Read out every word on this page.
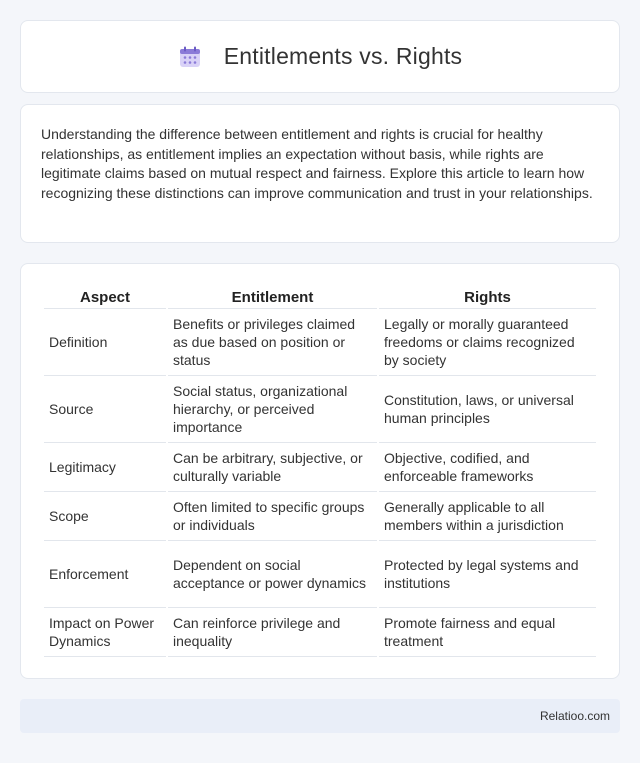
Entitlements vs. Rights

Understanding the difference between entitlement and rights is crucial for healthy relationships, as entitlement implies an expectation without basis, while rights are legitimate claims based on mutual respect and fairness. Explore this article to learn how recognizing these distinctions can improve communication and trust in your relationships.

Aspect	Entitlement	Rights
Definition	Benefits or privileges claimed as due based on position or status	Legally or morally guaranteed freedoms or claims recognized by society
Source	Social status, organizational hierarchy, or perceived importance	Constitution, laws, or universal human principles
Legitimacy	Can be arbitrary, subjective, or culturally variable	Objective, codified, and enforceable frameworks
Scope	Often limited to specific groups or individuals	Generally applicable to all members within a jurisdiction
Enforcement	Dependent on social acceptance or power dynamics	Protected by legal systems and institutions
Impact on Power Dynamics	Can reinforce privilege and inequality	Promote fairness and equal treatment
Relatioo.com
